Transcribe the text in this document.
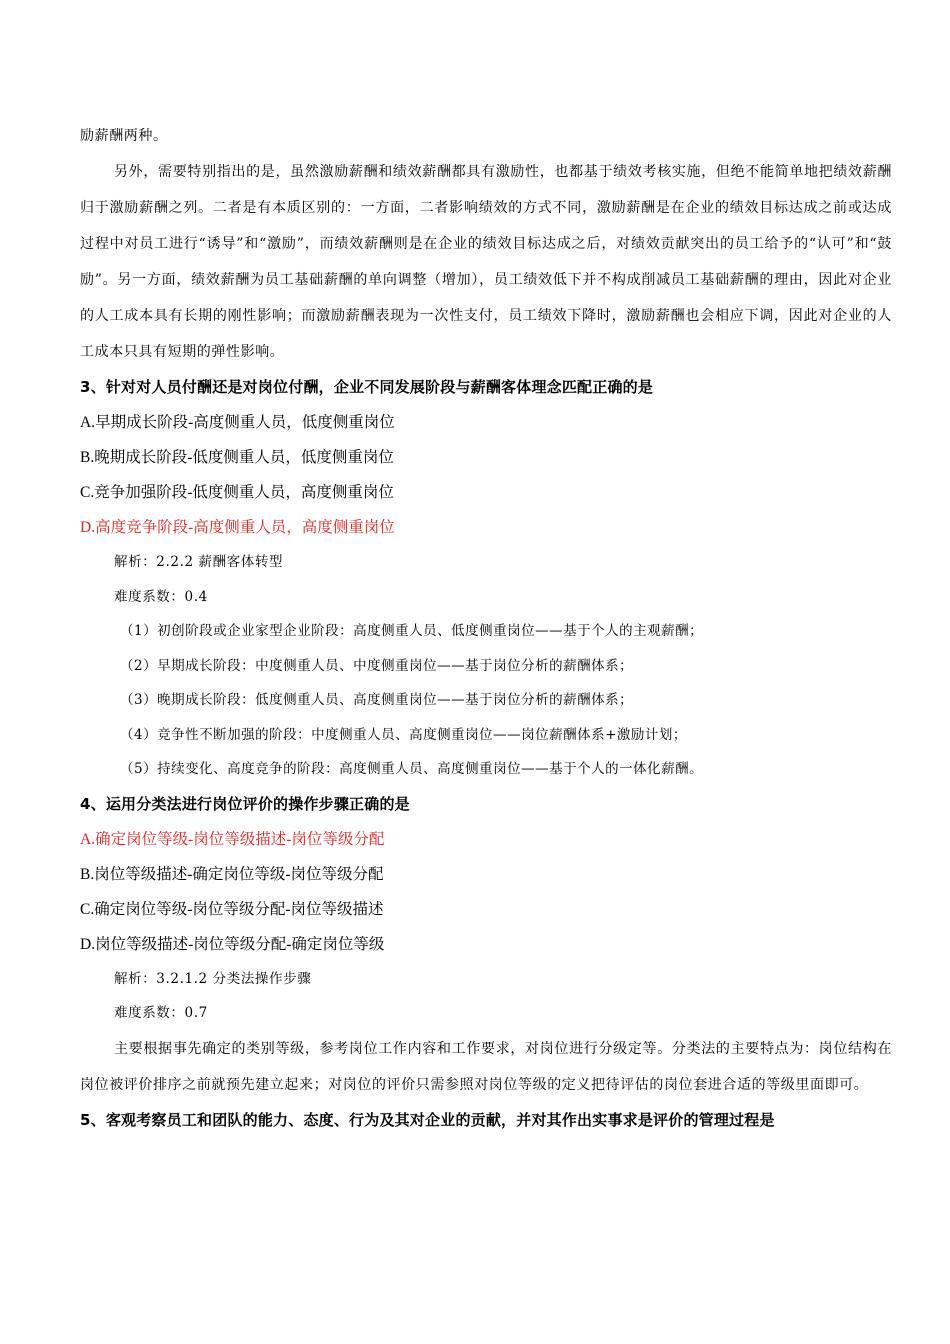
励薪酬两种。

另外，需要特别指出的是，虽然激励薪酬和绩效薪酬都具有激励性，也都基于绩效考核实施，但绝不能简单地把绩效薪酬归于激励薪酬之列。二者是有本质区别的：一方面，二者影响绩效的方式不同，激励薪酬是在企业的绩效目标达成之前或达成过程中对员工进行“诱导”和“激励”，而绩效薪酬则是在企业的绩效目标达成之后，对绩效贡献突出的员工给予的“认可”和“鼓励”。另一方面，绩效薪酬为员工基础薪酬的单向调整（增加），员工绩效低下并不构成削减员工基础薪酬的理由，因此对企业的人工成本具有长期的刚性影响；而激励薪酬表现为一次性支付，员工绩效下降时，激励薪酬也会相应下调，因此对企业的人工成本只具有短期的弹性影响。

3、针对对人员付酬还是对岗位付酬，企业不同发展阶段与薪酬客体理念匹配正确的是

A.早期成长阶段-高度侧重人员，低度侧重岗位

B.晚期成长阶段-低度侧重人员，低度侧重岗位

C.竞争加强阶段-低度侧重人员，高度侧重岗位

D.高度竞争阶段-高度侧重人员，高度侧重岗位

解析：2.2.2 薪酬客体转型

难度系数：0.4

（1）初创阶段或企业家型企业阶段：高度侧重人员、低度侧重岗位——基于个人的主观薪酬；

（2）早期成长阶段：中度侧重人员、中度侧重岗位——基于岗位分析的薪酬体系；

（3）晚期成长阶段：低度侧重人员、高度侧重岗位——基于岗位分析的薪酬体系；

（4）竞争性不断加强的阶段：中度侧重人员、高度侧重岗位——岗位薪酬体系+激励计划；

（5）持续变化、高度竞争的阶段：高度侧重人员、高度侧重岗位——基于个人的一体化薪酬。

4、运用分类法进行岗位评价的操作步骤正确的是

A.确定岗位等级-岗位等级描述-岗位等级分配

B.岗位等级描述-确定岗位等级-岗位等级分配

C.确定岗位等级-岗位等级分配-岗位等级描述

D.岗位等级描述-岗位等级分配-确定岗位等级

解析：3.2.1.2 分类法操作步骤

难度系数：0.7

主要根据事先确定的类别等级，参考岗位工作内容和工作要求，对岗位进行分级定等。分类法的主要特点为：岗位结构在岗位被评价排序之前就预先建立起来；对岗位的评价只需参照对岗位等级的定义把待评估的岗位套进合适的等级里面即可。

5、客观考察员工和团队的能力、态度、行为及其对企业的贡献，并对其作出实事求是评价的管理过程是
